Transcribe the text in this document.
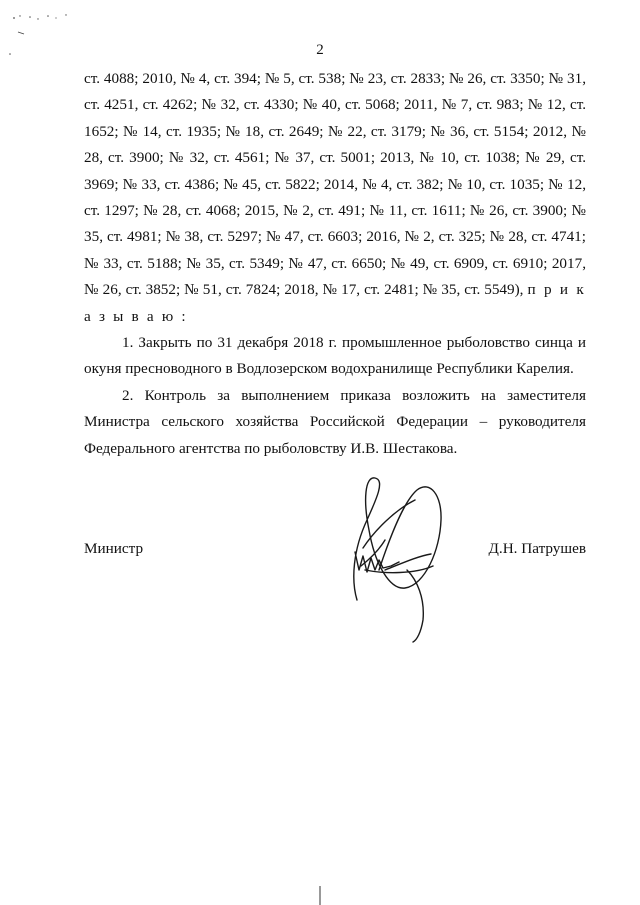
2

ст. 4088; 2010, № 4, ст. 394; № 5, ст. 538; № 23, ст. 2833; № 26, ст. 3350; № 31, ст. 4251, ст. 4262; № 32, ст. 4330; № 40, ст. 5068; 2011, № 7, ст. 983; № 12, ст. 1652; № 14, ст. 1935; № 18, ст. 2649; № 22, ст. 3179; № 36, ст. 5154; 2012, № 28, ст. 3900; № 32, ст. 4561; № 37, ст. 5001; 2013, № 10, ст. 1038; № 29, ст. 3969; № 33, ст. 4386; № 45, ст. 5822; 2014, № 4, ст. 382; № 10, ст. 1035; № 12, ст. 1297; № 28, ст. 4068; 2015, № 2, ст. 491; № 11, ст. 1611; № 26, ст. 3900; № 35, ст. 4981; № 38, ст. 5297; № 47, ст. 6603; 2016, № 2, ст. 325; № 28, ст. 4741; № 33, ст. 5188; № 35, ст. 5349; № 47, ст. 6650; № 49, ст. 6909, ст. 6910; 2017, № 26, ст. 3852; № 51, ст. 7824; 2018, № 17, ст. 2481; № 35, ст. 5549), п р и к а з ы в а ю :

1. Закрыть по 31 декабря 2018 г. промышленное рыболовство синца и окуня пресноводного в Водлозерском водохранилище Республики Карелия.

2. Контроль за выполнением приказа возложить на заместителя Министра сельского хозяйства Российской Федерации – руководителя Федерального агентства по рыболовству И.В. Шестакова.

Министр	Д.Н. Патрушев
